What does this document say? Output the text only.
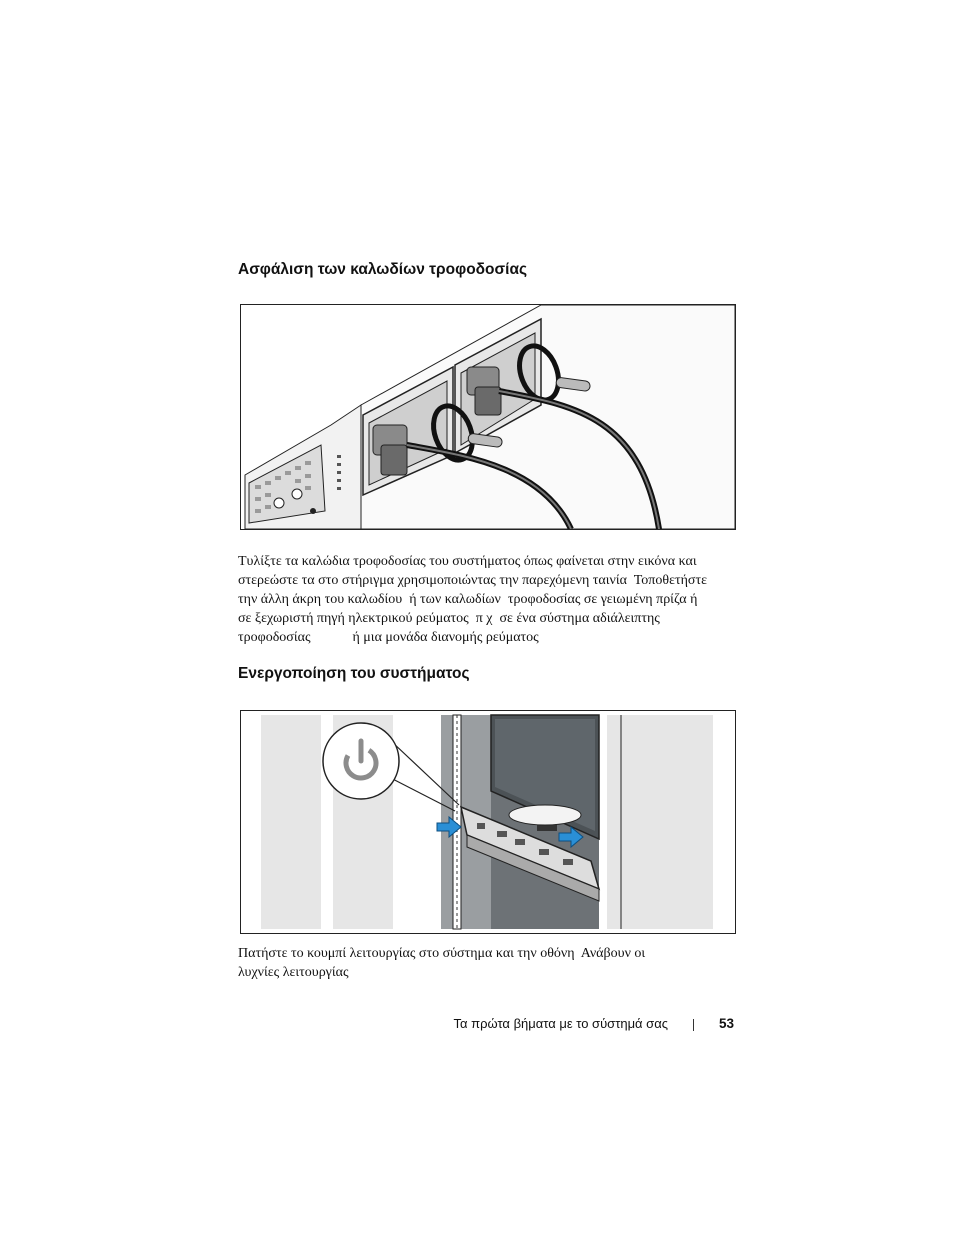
Ασφάλιση των καλωδίων τροφοδοσίας

Τυλίξτε τα καλώδια τροφοδοσίας του συστήματος όπως φαίνεται στην εικόνα και
στερεώστε τα στο στήριγμα χρησιμοποιώντας την παρεχόμενη ταινία  Τοποθετήστε
την άλλη άκρη του καλωδίου  ή των καλωδίων  τροφοδοσίας σε γειωμένη πρίζα ή
σε ξεχωριστή πηγή ηλεκτρικού ρεύματος  π χ  σε ένα σύστημα αδιάλειπτης
τροφοδοσίας            ή μια μονάδα διανομής ρεύματος

Ενεργοποίηση του συστήματος

Πατήστε το κουμπί λειτουργίας στο σύστημα και την οθόνη  Ανάβουν οι
λυχνίες λειτουργίας

Τα πρώτα βήματα με το σύστημά σας	53
